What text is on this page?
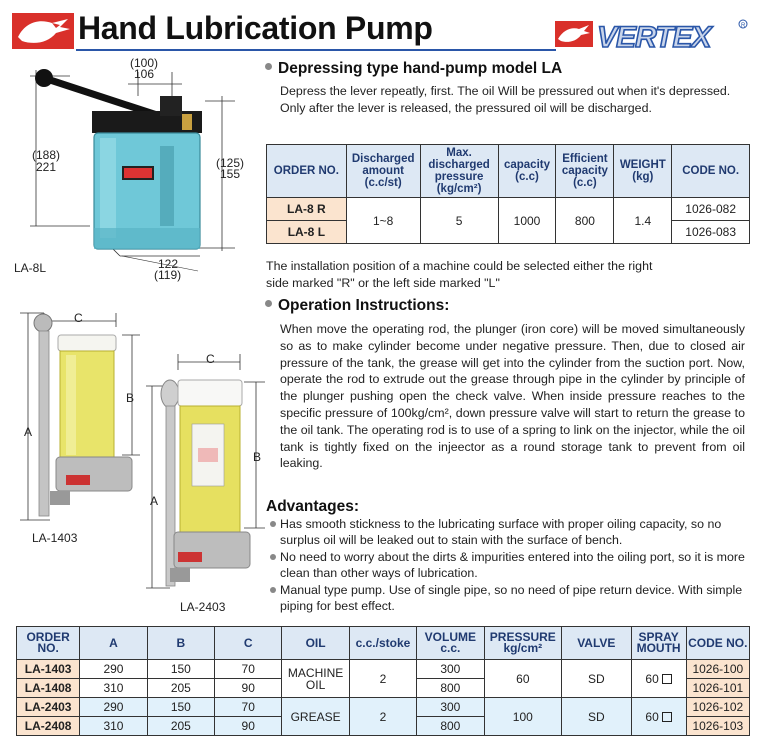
Hand Lubrication Pump	VERTEX	R
(100)
106
(188)
221	(125)
155
122
(119)
LA-8L
C
A
B
LA-1403
C
A
B
LA-2403
Depressing type hand-pump model LA
Depress the lever repeatly, first. The oil Will be pressured out when it's depressed. Only after the lever is released, the pressured oil will be discharged.
ORDER NO.	Discharged amount (c.c/st)	Max. discharged pressure (kg/cm²)	capacity (c.c)	Efficient capacity (c.c)	WEIGHT (kg)	CODE NO.
LA-8 R	1~8	5	1000	800	1.4	1026-082
LA-8 L						1026-083
The installation position of a machine could be selected either the right side marked "R" or the left side marked "L"
Operation Instructions:
When move the operating rod, the plunger (iron core) will be moved simultaneously so as to make cylinder become under negative pressure. Then, due to closed air pressure of the tank, the grease will get into the cylinder from the suction port. Now, operate the rod to extrude out the grease through pipe in the cylinder by principle of the plunger pushing open the check valve. When inside pressure reaches to the specific pressure of 100kg/cm², down pressure valve will start to return the grease to the oil tank. The operating rod is to use of a spring to link on the injector, while the oil tank is tightly fixed on the injeector as a round storage tank to prevent from oil leaking.
Advantages:
Has smooth stickness to the lubricating surface with proper oiling capacity, so no surplus oil will be leaked out to stain with the surface of bench.
No need to worry about the dirts & impurities entered into the oiling port, so it is more clean than other ways of lubrication.
Manual type pump. Use of single pipe, so no need of pipe return device. With simple piping for best effect.
ORDER NO.	A	B	C	OIL	c.c./stoke	VOLUME c.c.	PRESSURE kg/cm²	VALVE	SPRAY MOUTH	CODE NO.
LA-1403	290	150	70	MACHINE OIL	2	300	60	SD	60	1026-100
LA-1408	310	205	90			800				1026-101
LA-2403	290	150	70	GREASE	2	300	100	SD	60	1026-102
LA-2408	310	205	90			800				1026-103
